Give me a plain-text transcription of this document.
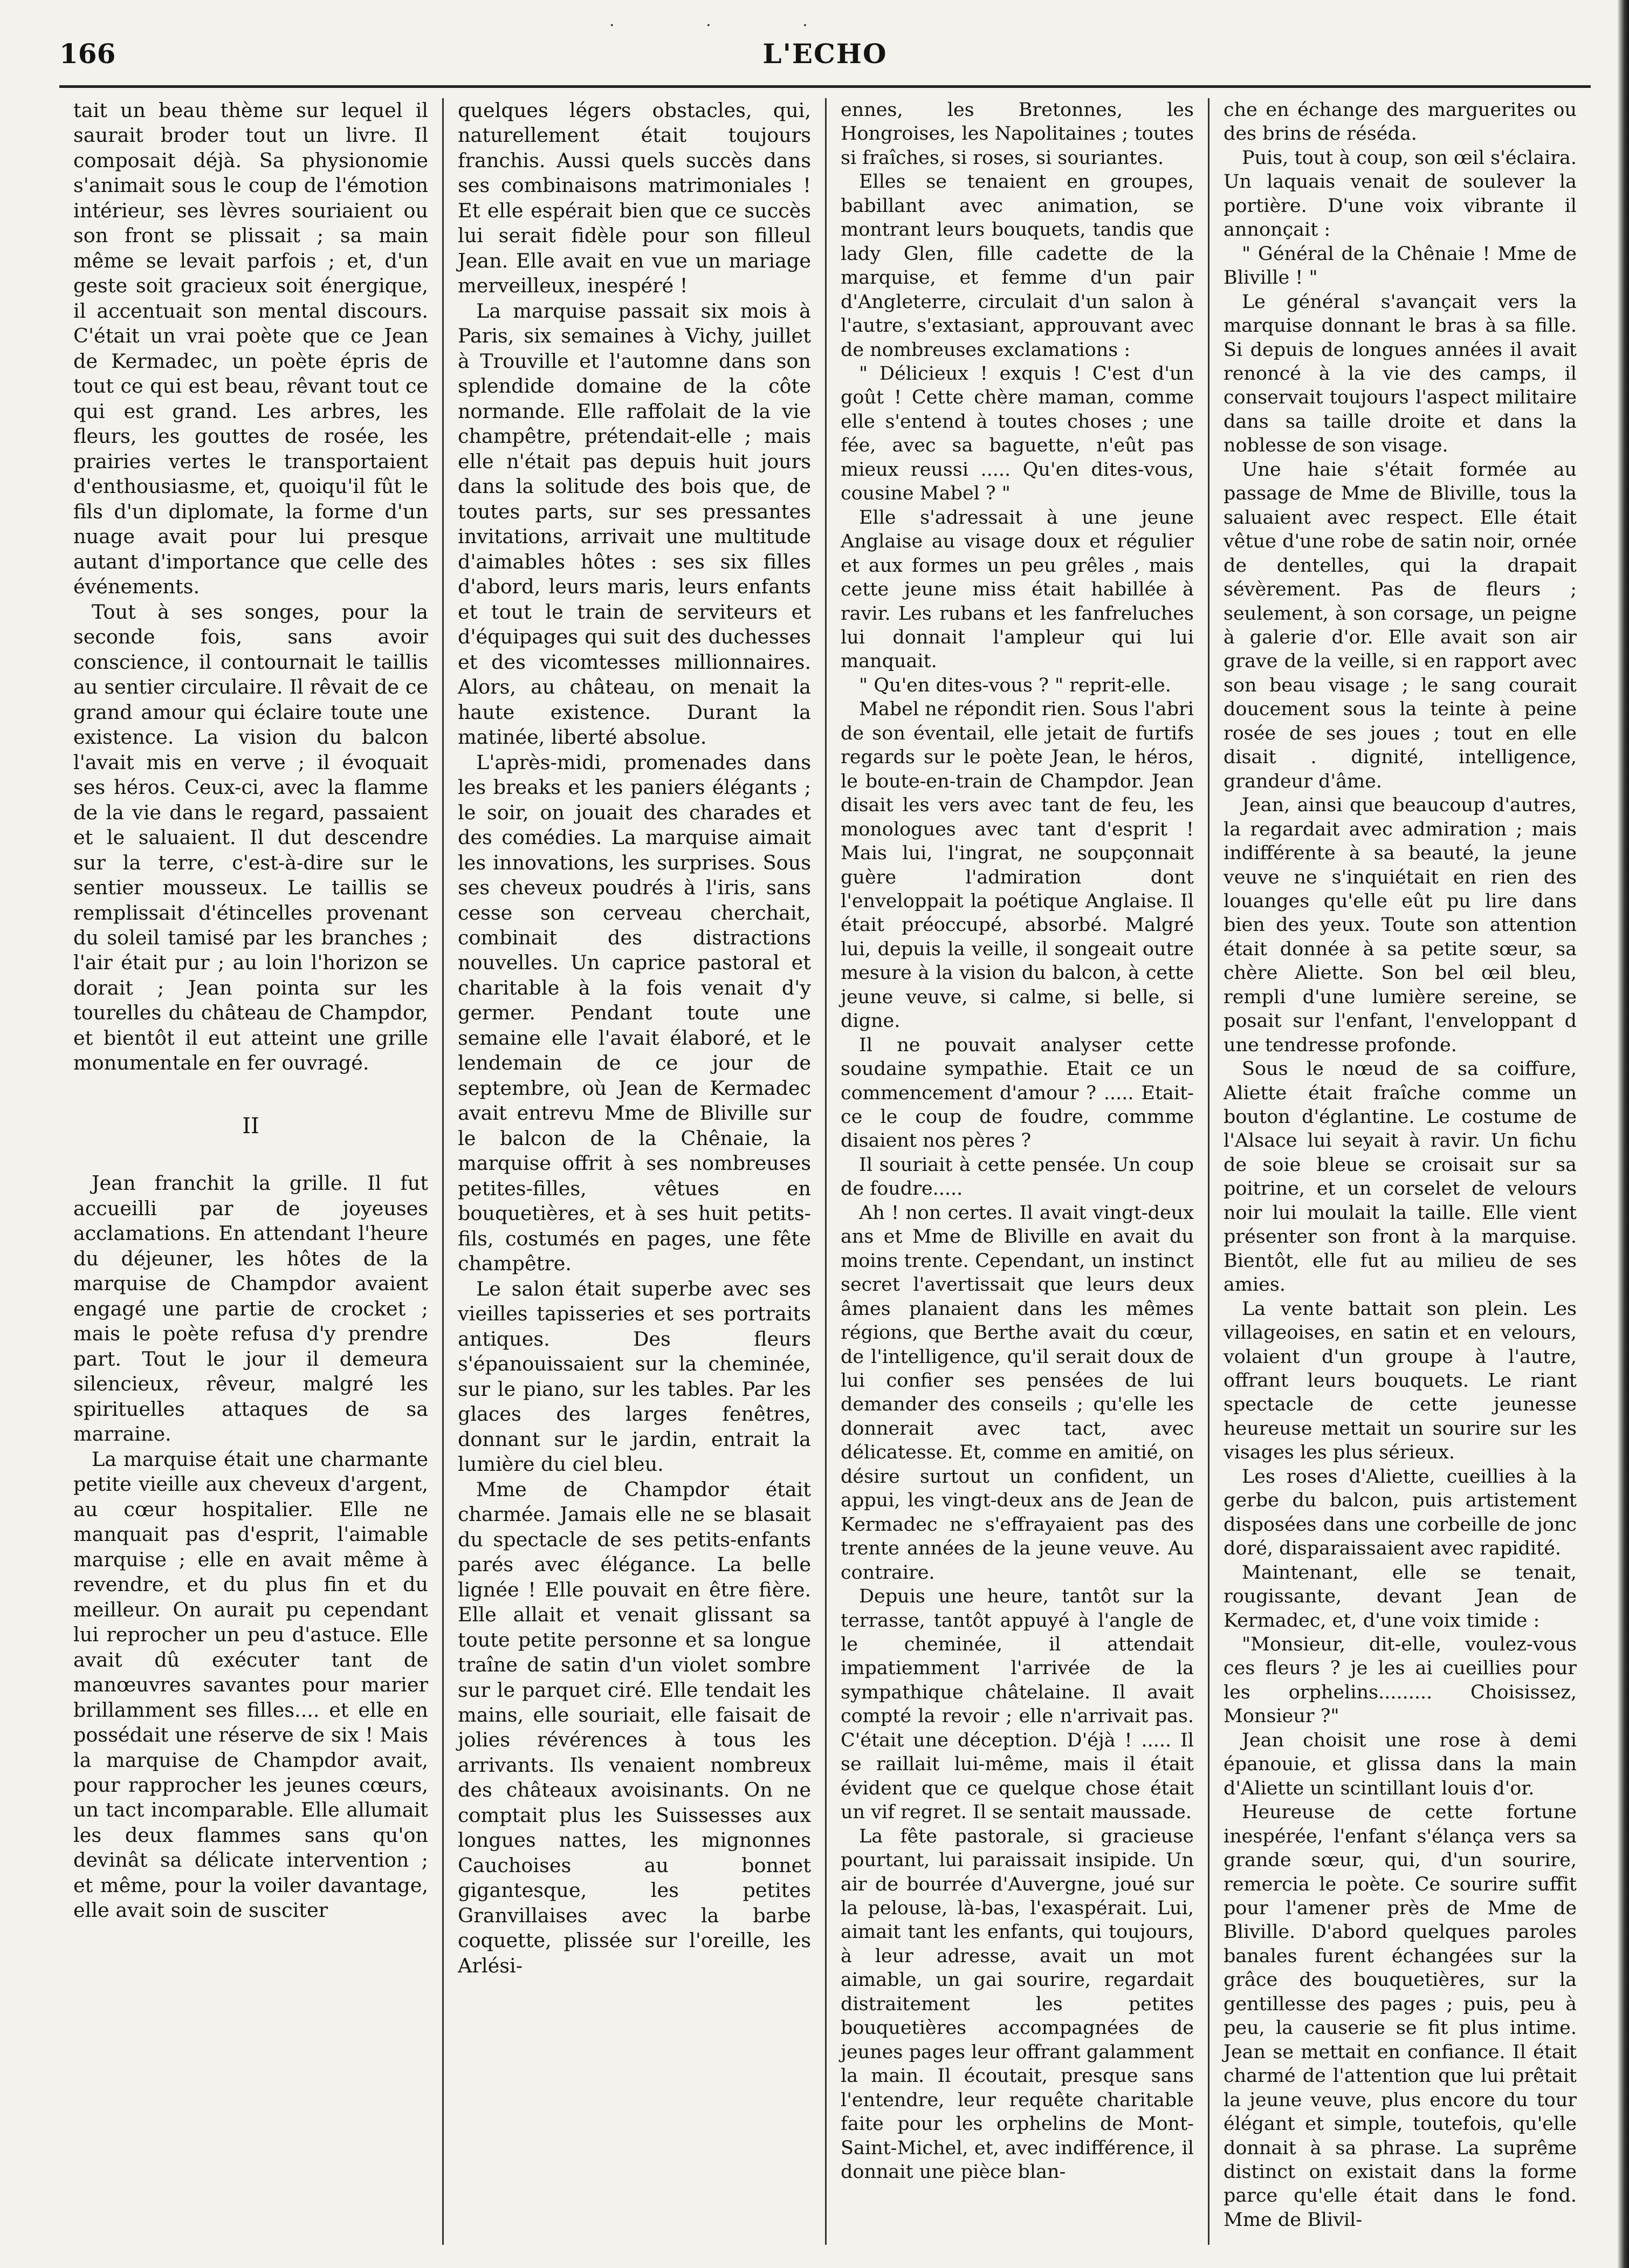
· · ·
166	L'ECHO

tait un beau thème sur lequel il saurait broder tout un livre. Il composait déjà. Sa physionomie s'animait sous le coup de l'émotion intérieur, ses lèvres souriaient ou son front se plissait ; sa main même se levait parfois ; et, d'un geste soit gracieux soit énergique, il accentuait son mental discours. C'était un vrai poète que ce Jean de Kermadec, un poète épris de tout ce qui est beau, rêvant tout ce qui est grand. Les arbres, les fleurs, les gouttes de rosée, les prairies vertes le transportaient d'enthousiasme, et, quoiqu'il fût le fils d'un diplomate, la forme d'un nuage avait pour lui presque autant d'importance que celle des événements.

Tout à ses songes, pour la seconde fois, sans avoir conscience, il contournait le taillis au sentier circulaire. Il rêvait de ce grand amour qui éclaire toute une existence. La vision du balcon l'avait mis en verve ; il évoquait ses héros. Ceux-ci, avec la flamme de la vie dans le regard, passaient et le saluaient. Il dut descendre sur la terre, c'est-à-dire sur le sentier mousseux. Le taillis se remplissait d'étincelles provenant du soleil tamisé par les branches ; l'air était pur ; au loin l'horizon se dorait ; Jean pointa sur les tourelles du château de Champdor, et bientôt il eut atteint une grille monumentale en fer ouvragé.

II

Jean franchit la grille. Il fut accueilli par de joyeuses acclamations. En attendant l'heure du déjeuner, les hôtes de la marquise de Champdor avaient engagé une partie de crocket ; mais le poète refusa d'y prendre part. Tout le jour il demeura silencieux, rêveur, malgré les spirituelles attaques de sa marraine.

La marquise était une charmante petite vieille aux cheveux d'argent, au cœur hospitalier. Elle ne manquait pas d'esprit, l'aimable marquise ; elle en avait même à revendre, et du plus fin et du meilleur. On aurait pu cependant lui reprocher un peu d'astuce. Elle avait dû exécuter tant de manœuvres savantes pour marier brillamment ses filles.... et elle en possédait une réserve de six ! Mais la marquise de Champdor avait, pour rapprocher les jeunes cœurs, un tact incomparable. Elle allumait les deux flammes sans qu'on devinât sa délicate intervention ; et même, pour la voiler davantage, elle avait soin de susciter

quelques légers obstacles, qui, naturellement était toujours franchis. Aussi quels succès dans ses combinaisons matrimoniales ! Et elle espérait bien que ce succès lui serait fidèle pour son filleul Jean. Elle avait en vue un mariage merveilleux, inespéré !

La marquise passait six mois à Paris, six semaines à Vichy, juillet à Trouville et l'automne dans son splendide domaine de la côte normande. Elle raffolait de la vie champêtre, prétendait-elle ; mais elle n'était pas depuis huit jours dans la solitude des bois que, de toutes parts, sur ses pressantes invitations, arrivait une multitude d'aimables hôtes : ses six filles d'abord, leurs maris, leurs enfants et tout le train de serviteurs et d'équipages qui suit des duchesses et des vicomtesses millionnaires. Alors, au château, on menait la haute existence. Durant la matinée, liberté absolue.

L'après-midi, promenades dans les breaks et les paniers élégants ; le soir, on jouait des charades et des comédies. La marquise aimait les innovations, les surprises. Sous ses cheveux poudrés à l'iris, sans cesse son cerveau cherchait, combinait des distractions nouvelles. Un caprice pastoral et charitable à la fois venait d'y germer. Pendant toute une semaine elle l'avait élaboré, et le lendemain de ce jour de septembre, où Jean de Kermadec avait entrevu Mme de Bliville sur le balcon de la Chênaie, la marquise offrit à ses nombreuses petites-filles, vêtues en bouquetières, et à ses huit petits-fils, costumés en pages, une fête champêtre.

Le salon était superbe avec ses vieilles tapisseries et ses portraits antiques. Des fleurs s'épanouissaient sur la cheminée, sur le piano, sur les tables. Par les glaces des larges fenêtres, donnant sur le jardin, entrait la lumière du ciel bleu.

Mme de Champdor était charmée. Jamais elle ne se blasait du spectacle de ses petits-enfants parés avec élégance. La belle lignée ! Elle pouvait en être fière. Elle allait et venait glissant sa toute petite personne et sa longue traîne de satin d'un violet sombre sur le parquet ciré. Elle tendait les mains, elle souriait, elle faisait de jolies révérences à tous les arrivants. Ils venaient nombreux des châteaux avoisinants. On ne comptait plus les Suissesses aux longues nattes, les mignonnes Cauchoises au bonnet gigantesque, les petites Granvillaises avec la barbe coquette, plissée sur l'oreille, les Arlési-

ennes, les Bretonnes, les Hongroises, les Napolitaines ; toutes si fraîches, si roses, si souriantes.

Elles se tenaient en groupes, babillant avec animation, se montrant leurs bouquets, tandis que lady Glen, fille cadette de la marquise, et femme d'un pair d'Angleterre, circulait d'un salon à l'autre, s'extasiant, approuvant avec de nombreuses exclamations :

" Délicieux ! exquis ! C'est d'un goût ! Cette chère maman, comme elle s'entend à toutes choses ; une fée, avec sa baguette, n'eût pas mieux reussi ..... Qu'en dites-vous, cousine Mabel ? "

Elle s'adressait à une jeune Anglaise au visage doux et régulier et aux formes un peu grêles , mais cette jeune miss était habillée à ravir. Les rubans et les fanfreluches lui donnait l'ampleur qui lui manquait.

" Qu'en dites-vous ? " reprit-elle.

Mabel ne répondit rien. Sous l'abri de son éventail, elle jetait de furtifs regards sur le poète Jean, le héros, le boute-en-train de Champdor. Jean disait les vers avec tant de feu, les monologues avec tant d'esprit ! Mais lui, l'ingrat, ne soupçonnait guère l'admiration dont l'enveloppait la poétique Anglaise. Il était préoccupé, absorbé. Malgré lui, depuis la veille, il songeait outre mesure à la vision du balcon, à cette jeune veuve, si calme, si belle, si digne.

Il ne pouvait analyser cette soudaine sympathie. Etait ce un commencement d'amour ? ..... Etait-ce le coup de foudre, commme disaient nos pères ?

Il souriait à cette pensée. Un coup de foudre.....

Ah ! non certes. Il avait vingt-deux ans et Mme de Bliville en avait du moins trente. Cependant, un instinct secret l'avertissait que leurs deux âmes planaient dans les mêmes régions, que Berthe avait du cœur, de l'intelligence, qu'il serait doux de lui confier ses pensées de lui demander des conseils ; qu'elle les donnerait avec tact, avec délicatesse. Et, comme en amitié, on désire surtout un confident, un appui, les vingt-deux ans de Jean de Kermadec ne s'effrayaient pas des trente années de la jeune veuve. Au contraire.

Depuis une heure, tantôt sur la terrasse, tantôt appuyé à l'angle de le cheminée, il attendait impatiemment l'arrivée de la sympathique châtelaine. Il avait compté la revoir ; elle n'arrivait pas. C'était une déception. D'éjà ! ..... Il se raillait lui-même, mais il était évident que ce quelque chose était un vif regret. Il se sentait maussade.

La fête pastorale, si gracieuse pourtant, lui paraissait insipide. Un air de bourrée d'Auvergne, joué sur la pelouse, là-bas, l'exaspérait. Lui, aimait tant les enfants, qui toujours, à leur adresse, avait un mot aimable, un gai sourire, regardait distraitement les petites bouquetières accompagnées de jeunes pages leur offrant galamment la main. Il écoutait, presque sans l'entendre, leur requête charitable faite pour les orphelins de Mont-Saint-Michel, et, avec indifférence, il donnait une pièce blan-

che en échange des marguerites ou des brins de réséda.

Puis, tout à coup, son œil s'éclaira. Un laquais venait de soulever la portière. D'une voix vibrante il annonçait :

" Général de la Chênaie ! Mme de Bliville ! "

Le général s'avançait vers la marquise donnant le bras à sa fille. Si depuis de longues années il avait renoncé à la vie des camps, il conservait toujours l'aspect militaire dans sa taille droite et dans la noblesse de son visage.

Une haie s'était formée au passage de Mme de Bliville, tous la saluaient avec respect. Elle était vêtue d'une robe de satin noir, ornée de dentelles, qui la drapait sévèrement. Pas de fleurs ; seulement, à son corsage, un peigne à galerie d'or. Elle avait son air grave de la veille, si en rapport avec son beau visage ; le sang courait doucement sous la teinte à peine rosée de ses joues ; tout en elle disait . dignité, intelligence, grandeur d'âme.

Jean, ainsi que beaucoup d'autres, la regardait avec admiration ; mais indifférente à sa beauté, la jeune veuve ne s'inquiétait en rien des louanges qu'elle eût pu lire dans bien des yeux. Toute son attention était donnée à sa petite sœur, sa chère Aliette. Son bel œil bleu, rempli d'une lumière sereine, se posait sur l'enfant, l'enveloppant d une tendresse profonde.

Sous le nœud de sa coiffure, Aliette était fraîche comme un bouton d'églantine. Le costume de l'Alsace lui seyait à ravir. Un fichu de soie bleue se croisait sur sa poitrine, et un corselet de velours noir lui moulait la taille. Elle vient présenter son front à la marquise. Bientôt, elle fut au milieu de ses amies.

La vente battait son plein. Les villageoises, en satin et en velours, volaient d'un groupe à l'autre, offrant leurs bouquets. Le riant spectacle de cette jeunesse heureuse mettait un sourire sur les visages les plus sérieux.

Les roses d'Aliette, cueillies à la gerbe du balcon, puis artistement disposées dans une corbeille de jonc doré, disparaissaient avec rapidité.

Maintenant, elle se tenait, rougissante, devant Jean de Kermadec, et, d'une voix timide :

"Monsieur, dit-elle, voulez-vous ces fleurs ? je les ai cueillies pour les orphelins......... Choisissez, Monsieur ?"

Jean choisit une rose à demi épanouie, et glissa dans la main d'Aliette un scintillant louis d'or.

Heureuse de cette fortune inespérée, l'enfant s'élança vers sa grande sœur, qui, d'un sourire, remercia le poète. Ce sourire suffit pour l'amener près de Mme de Bliville. D'abord quelques paroles banales furent échangées sur la grâce des bouquetières, sur la gentillesse des pages ; puis, peu à peu, la causerie se fit plus intime. Jean se mettait en confiance. Il était charmé de l'attention que lui prêtait la jeune veuve, plus encore du tour élégant et simple, toutefois, qu'elle donnait à sa phrase. La suprême distinct on existait dans la forme parce qu'elle était dans le fond. Mme de Blivil-
